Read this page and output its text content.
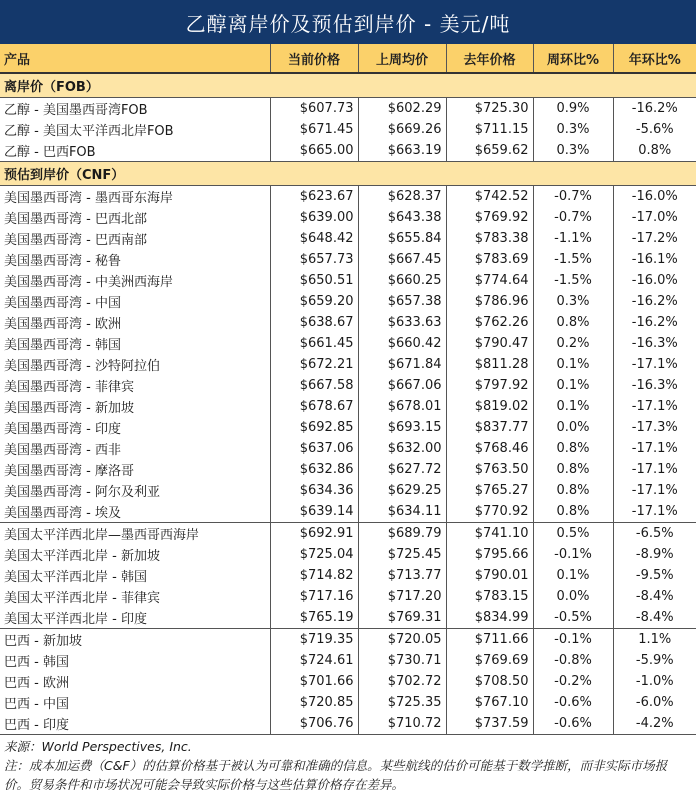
乙醇离岸价及预估到岸价 - 美元/吨
产品	当前价格	上周均价	去年价格	周环比%	年环比%
离岸价（FOB）					
乙醇 - 美国墨西哥湾FOB	$607.73	$602.29	$725.30	0.9%	-16.2%
乙醇 - 美国太平洋西北岸FOB	$671.45	$669.26	$711.15	0.3%	-5.6%
乙醇 - 巴西FOB	$665.00	$663.19	$659.62	0.3%	0.8%
预估到岸价（CNF）					
美国墨西哥湾 - 墨西哥东海岸	$623.67	$628.37	$742.52	-0.7%	-16.0%
美国墨西哥湾 - 巴西北部	$639.00	$643.38	$769.92	-0.7%	-17.0%
美国墨西哥湾 - 巴西南部	$648.42	$655.84	$783.38	-1.1%	-17.2%
美国墨西哥湾 - 秘鲁	$657.73	$667.45	$783.69	-1.5%	-16.1%
美国墨西哥湾 - 中美洲西海岸	$650.51	$660.25	$774.64	-1.5%	-16.0%
美国墨西哥湾 - 中国	$659.20	$657.38	$786.96	0.3%	-16.2%
美国墨西哥湾 - 欧洲	$638.67	$633.63	$762.26	0.8%	-16.2%
美国墨西哥湾 - 韩国	$661.45	$660.42	$790.47	0.2%	-16.3%
美国墨西哥湾 - 沙特阿拉伯	$672.21	$671.84	$811.28	0.1%	-17.1%
美国墨西哥湾 - 菲律宾	$667.58	$667.06	$797.92	0.1%	-16.3%
美国墨西哥湾 - 新加坡	$678.67	$678.01	$819.02	0.1%	-17.1%
美国墨西哥湾 - 印度	$692.85	$693.15	$837.77	0.0%	-17.3%
美国墨西哥湾 - 西非	$637.06	$632.00	$768.46	0.8%	-17.1%
美国墨西哥湾 - 摩洛哥	$632.86	$627.72	$763.50	0.8%	-17.1%
美国墨西哥湾 - 阿尔及利亚	$634.36	$629.25	$765.27	0.8%	-17.1%
美国墨西哥湾 - 埃及	$639.14	$634.11	$770.92	0.8%	-17.1%
美国太平洋西北岸—墨西哥西海岸	$692.91	$689.79	$741.10	0.5%	-6.5%
美国太平洋西北岸 - 新加坡	$725.04	$725.45	$795.66	-0.1%	-8.9%
美国太平洋西北岸 - 韩国	$714.82	$713.77	$790.01	0.1%	-9.5%
美国太平洋西北岸 - 菲律宾	$717.16	$717.20	$783.15	0.0%	-8.4%
美国太平洋西北岸 - 印度	$765.19	$769.31	$834.99	-0.5%	-8.4%
巴西 - 新加坡	$719.35	$720.05	$711.66	-0.1%	1.1%
巴西 - 韩国	$724.61	$730.71	$769.69	-0.8%	-5.9%
巴西 - 欧洲	$701.66	$702.72	$708.50	-0.2%	-1.0%
巴西 - 中国	$720.85	$725.35	$767.10	-0.6%	-6.0%
巴西 - 印度	$706.76	$710.72	$737.59	-0.6%	-4.2%
来源：World Perspectives, Inc.
注：成本加运费（C&F）的估算价格基于被认为可靠和准确的信息。某些航线的估价可能基于数学推断，而非实际市场报价。贸易条件和市场状况可能会导致实际价格与这些估算价格存在差异。
